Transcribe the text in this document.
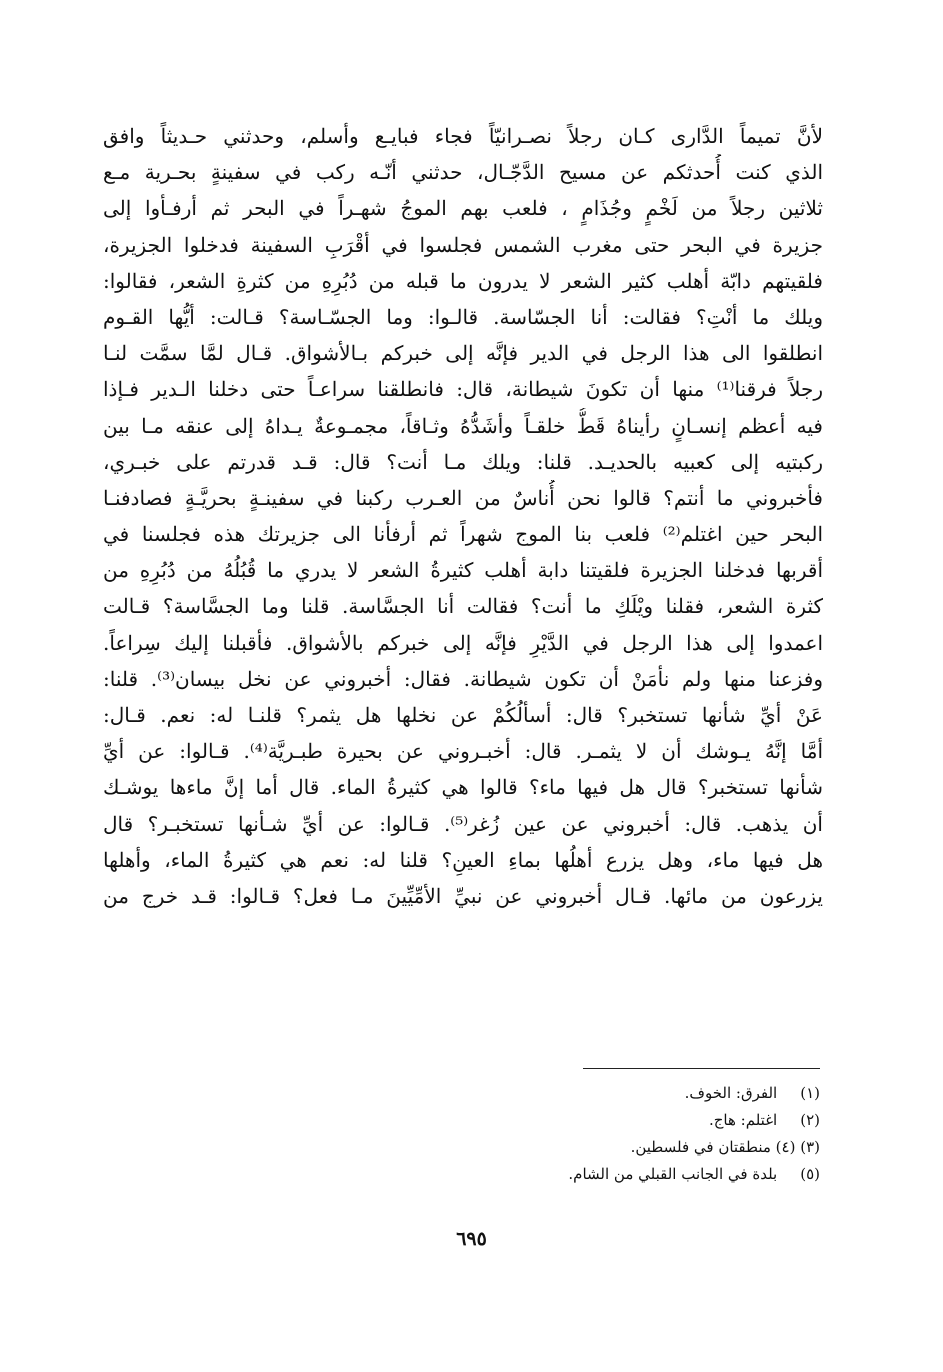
لأنَّ تميماً الدَّارى كـان رجلاً نصـرانيّاً فجاء فبايـع وأسلم، وحدثني حـديثاً وافق
الذي كنت أُحدثكم عن مسيح الدَّجّـال، حدثني أنّـه ركب في سفينةٍ بحـرية مـع
ثلاثين رجلاً من لَخْمٍ وجُذَامٍ ، فلعب بهم الموجُ شهـراً في البحر ثم أرفـأوا إلى
جزيرة في البحر حتى مغرب الشمس فجلسوا في أقْرَبِ السفينة فدخلوا الجزيرة،
فلقيتهم دابّة أهلب كثير الشعر لا يدرون ما قبله من دُبُرِهِ من كثرةِ الشعر، فقالوا:
ويلك ما أنْتِ؟ فقالت: أنا الجسّاسة. قالـوا: وما الجسّـاسة؟ قـالت: أيُّها القـوم
انطلقوا الى هذا الرجل في الدير فإنَّه إلى خبركم بـالأشواق. قـال لمَّا سمَّت لنـا
رجلاً فرقنا⁽¹⁾ منها أن تكونَ شيطانة، قال: فانطلقنا سراعـاً حتى دخلنا الـدير فـإذا
فيه أعظم إنسـانٍ رأيناهُ قَطُّ خلقـاً وأشَدُّهُ وثـاقاً، مجمـوعةٌ يـداهُ إلى عنقه مـا بين
ركبتيه إلى كعبيه بالحديـد. قلنا: ويلك مـا أنت؟ قال: قـد قدرتم على خبـري،
فأخبروني ما أنتم؟ قالوا نحن أُناسٌ من العـرب ركبنا في سفينـةٍ بحريَّـةٍ فصادفنـا
البحر حين اغتلم⁽²⁾ فلعب بنا الموج شهراً ثم أرفأنا الى جزيرتك هذه فجلسنا في
أقربها فدخلنا الجزيرة فلقيتنا دابة أهلب كثيرةُ الشعر لا يدري ما قُبُلُهُ من دُبُرِهِ من
كثرة الشعر، فقلنا ويْلَكِ ما أنت؟ فقالت أنا الجسَّاسة. قلنا وما الجسَّاسة؟ قـالت
اعمدوا إلى هذا الرجل في الدَّيْرِ فإنَّه إلى خبركم بالأشواق. فأقبلنا إليك سِراعاً.
وفزعنا منها ولم نأمَنْ أن تكون شيطانة. فقال: أخبروني عن نخل بيسان⁽³⁾. قلنا:
عَنْ أيِّ شأنها تستخبر؟ قال: أسألُكُمْ عن نخلها هل يثمر؟ قلنـا له: نعم. قـال:
أمَّا إنَّهُ يـوشك أن لا يثمـر. قال: أخبـروني عن بحيرة طبـريَّة⁽⁴⁾. قـالوا: عن أيِّ
شأنها تستخبر؟ قال هل فيها ماء؟ قالوا هي كثيرةُ الماء. قال أما إنَّ ماءها يوشـك
أن يذهب. قال: أخبروني عن عين زُغر⁽⁵⁾. قـالوا: عن أيِّ شـأنها تستخبـر؟ قال
هل فيها ماء، وهل يزرع أهلُها بماءِ العينِ؟ قلنا له: نعم هي كثيرةُ الماء، وأهلها
يزرعون من مائها. قـال أخبروني عن نبيِّ الأمِّيِّينَ مـا فعل؟ قـالوا: قـد خرج من
(١) الفرق: الخوف.
(٢) اغتلم: هاج.
(٣) (٤) منطقتان في فلسطين.
(٥) بلدة في الجانب القبلي من الشام.
٦٩٥
